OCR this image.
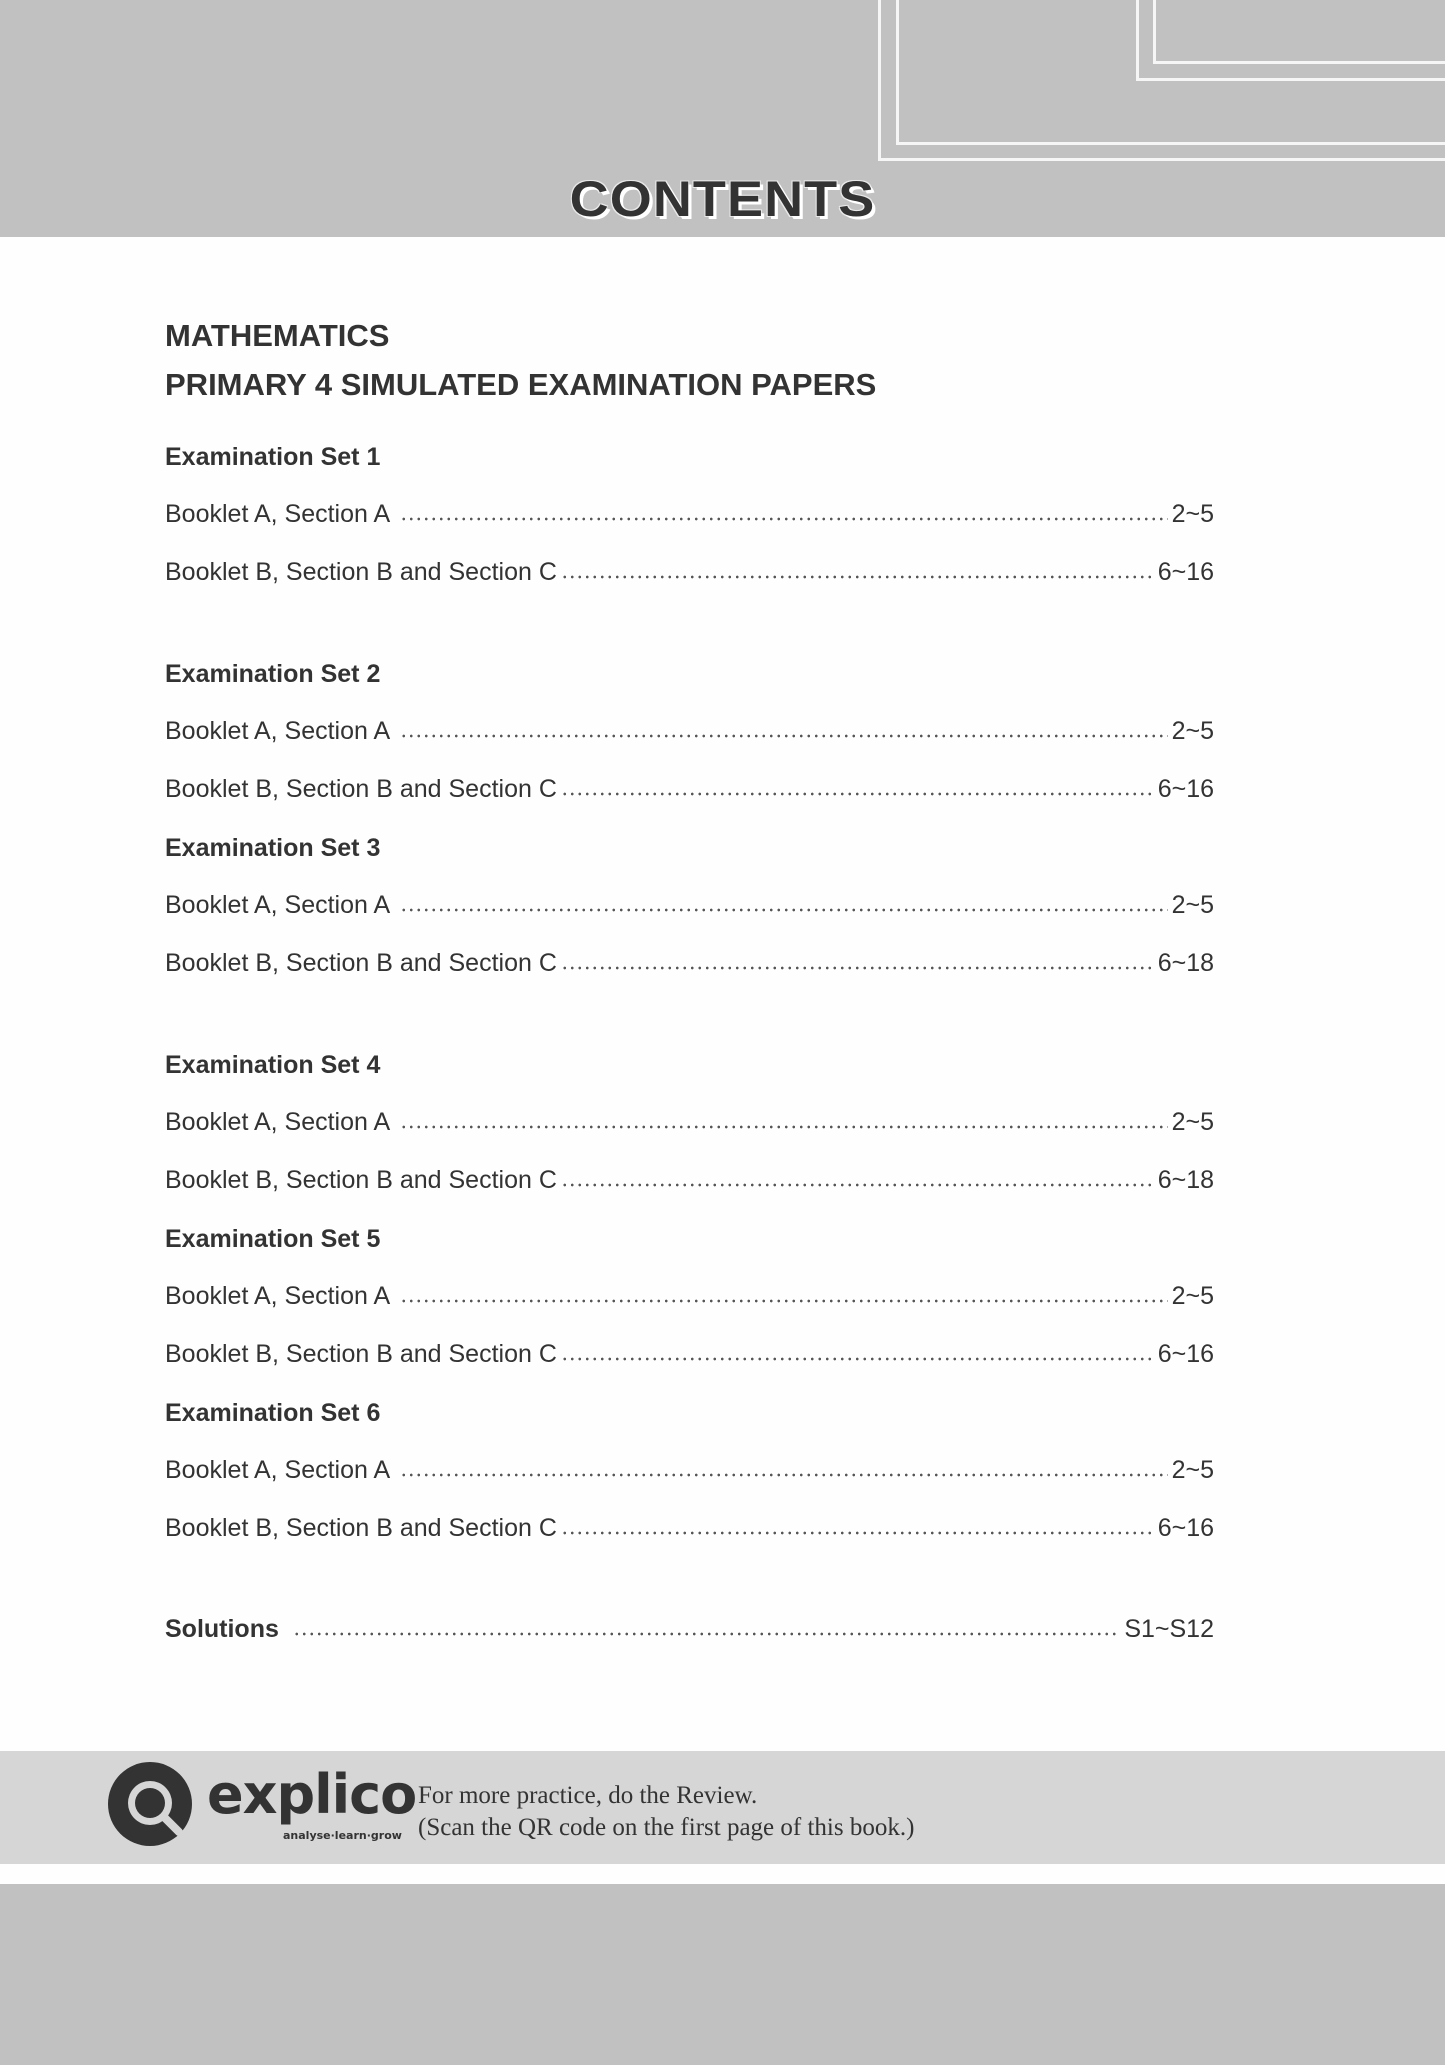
CONTENTS
MATHEMATICS
PRIMARY 4 SIMULATED EXAMINATION PAPERS
Examination Set 1
Booklet A, Section A	2~5
Booklet B, Section B and Section C	6~16
Examination Set 2
Booklet A, Section A	2~5
Booklet B, Section B and Section C	6~16
Examination Set 3
Booklet A, Section A	2~5
Booklet B, Section B and Section C	6~18
Examination Set 4
Booklet A, Section A	2~5
Booklet B, Section B and Section C	6~18
Examination Set 5
Booklet A, Section A	2~5
Booklet B, Section B and Section C	6~16
Examination Set 6
Booklet A, Section A	2~5
Booklet B, Section B and Section C	6~16
Solutions	S1~S12
explico
analyse·learn·grow
For more practice, do the Review.
(Scan the QR code on the first page of this book.)
